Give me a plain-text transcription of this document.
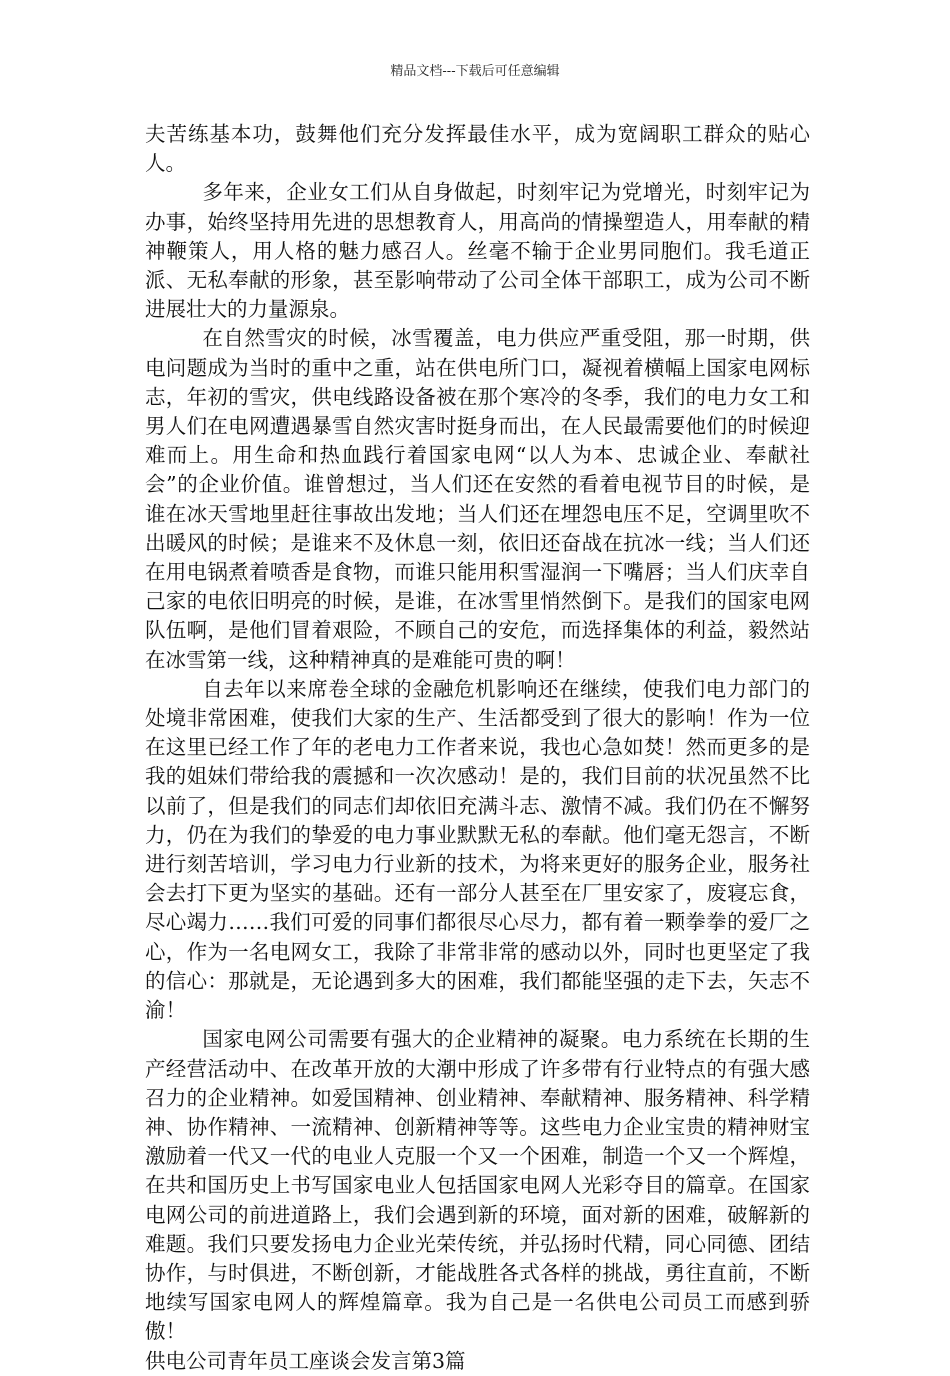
精品文档---下载后可任意编辑

夫苦练基本功，鼓舞他们充分发挥最佳水平，成为宽阔职工群众的贴心人。

多年来，企业女工们从自身做起，时刻牢记为党增光，时刻牢记为办事，始终坚持用先进的思想教育人，用高尚的情操塑造人，用奉献的精神鞭策人，用人格的魅力感召人。丝毫不输于企业男同胞们。我毛道正派、无私奉献的形象，甚至影响带动了公司全体干部职工，成为公司不断进展壮大的力量源泉。

在自然雪灾的时候，冰雪覆盖，电力供应严重受阻，那一时期，供电问题成为当时的重中之重，站在供电所门口，凝视着横幅上国家电网标志，年初的雪灾，供电线路设备被在那个寒冷的冬季，我们的电力女工和男人们在电网遭遇暴雪自然灾害时挺身而出，在人民最需要他们的时候迎难而上。用生命和热血践行着国家电网“以人为本、忠诚企业、奉献社会”的企业价值。谁曾想过，当人们还在安然的看着电视节目的时候，是谁在冰天雪地里赶往事故出发地；当人们还在埋怨电压不足，空调里吹不出暖风的时候；是谁来不及休息一刻，依旧还奋战在抗冰一线；当人们还在用电锅煮着喷香是食物，而谁只能用积雪湿润一下嘴唇；当人们庆幸自己家的电依旧明亮的时候，是谁，在冰雪里悄然倒下。是我们的国家电网队伍啊，是他们冒着艰险，不顾自己的安危，而选择集体的利益，毅然站在冰雪第一线，这种精神真的是难能可贵的啊！

自去年以来席卷全球的金融危机影响还在继续，使我们电力部门的处境非常困难，使我们大家的生产、生活都受到了很大的影响！作为一位在这里已经工作了年的老电力工作者来说，我也心急如焚！然而更多的是我的姐妹们带给我的震撼和一次次感动！是的，我们目前的状况虽然不比以前了，但是我们的同志们却依旧充满斗志、激情不减。我们仍在不懈努力，仍在为我们的挚爱的电力事业默默无私的奉献。他们毫无怨言，不断进行刻苦培训，学习电力行业新的技术，为将来更好的服务企业，服务社会去打下更为坚实的基础。还有一部分人甚至在厂里安家了，废寝忘食，尽心竭力……我们可爱的同事们都很尽心尽力，都有着一颗拳拳的爱厂之心，作为一名电网女工，我除了非常非常的感动以外，同时也更坚定了我的信心：那就是，无论遇到多大的困难，我们都能坚强的走下去，矢志不渝！

国家电网公司需要有强大的企业精神的凝聚。电力系统在长期的生产经营活动中、在改革开放的大潮中形成了许多带有行业特点的有强大感召力的企业精神。如爱国精神、创业精神、奉献精神、服务精神、科学精神、协作精神、一流精神、创新精神等等。这些电力企业宝贵的精神财宝激励着一代又一代的电业人克服一个又一个困难，制造一个又一个辉煌，在共和国历史上书写国家电业人包括国家电网人光彩夺目的篇章。在国家电网公司的前进道路上，我们会遇到新的环境，面对新的困难，破解新的难题。我们只要发扬电力企业光荣传统，并弘扬时代精，同心同德、团结协作，与时俱进，不断创新，才能战胜各式各样的挑战，勇往直前，不断地续写国家电网人的辉煌篇章。我为自己是一名供电公司员工而感到骄傲！

供电公司青年员工座谈会发言第3篇
